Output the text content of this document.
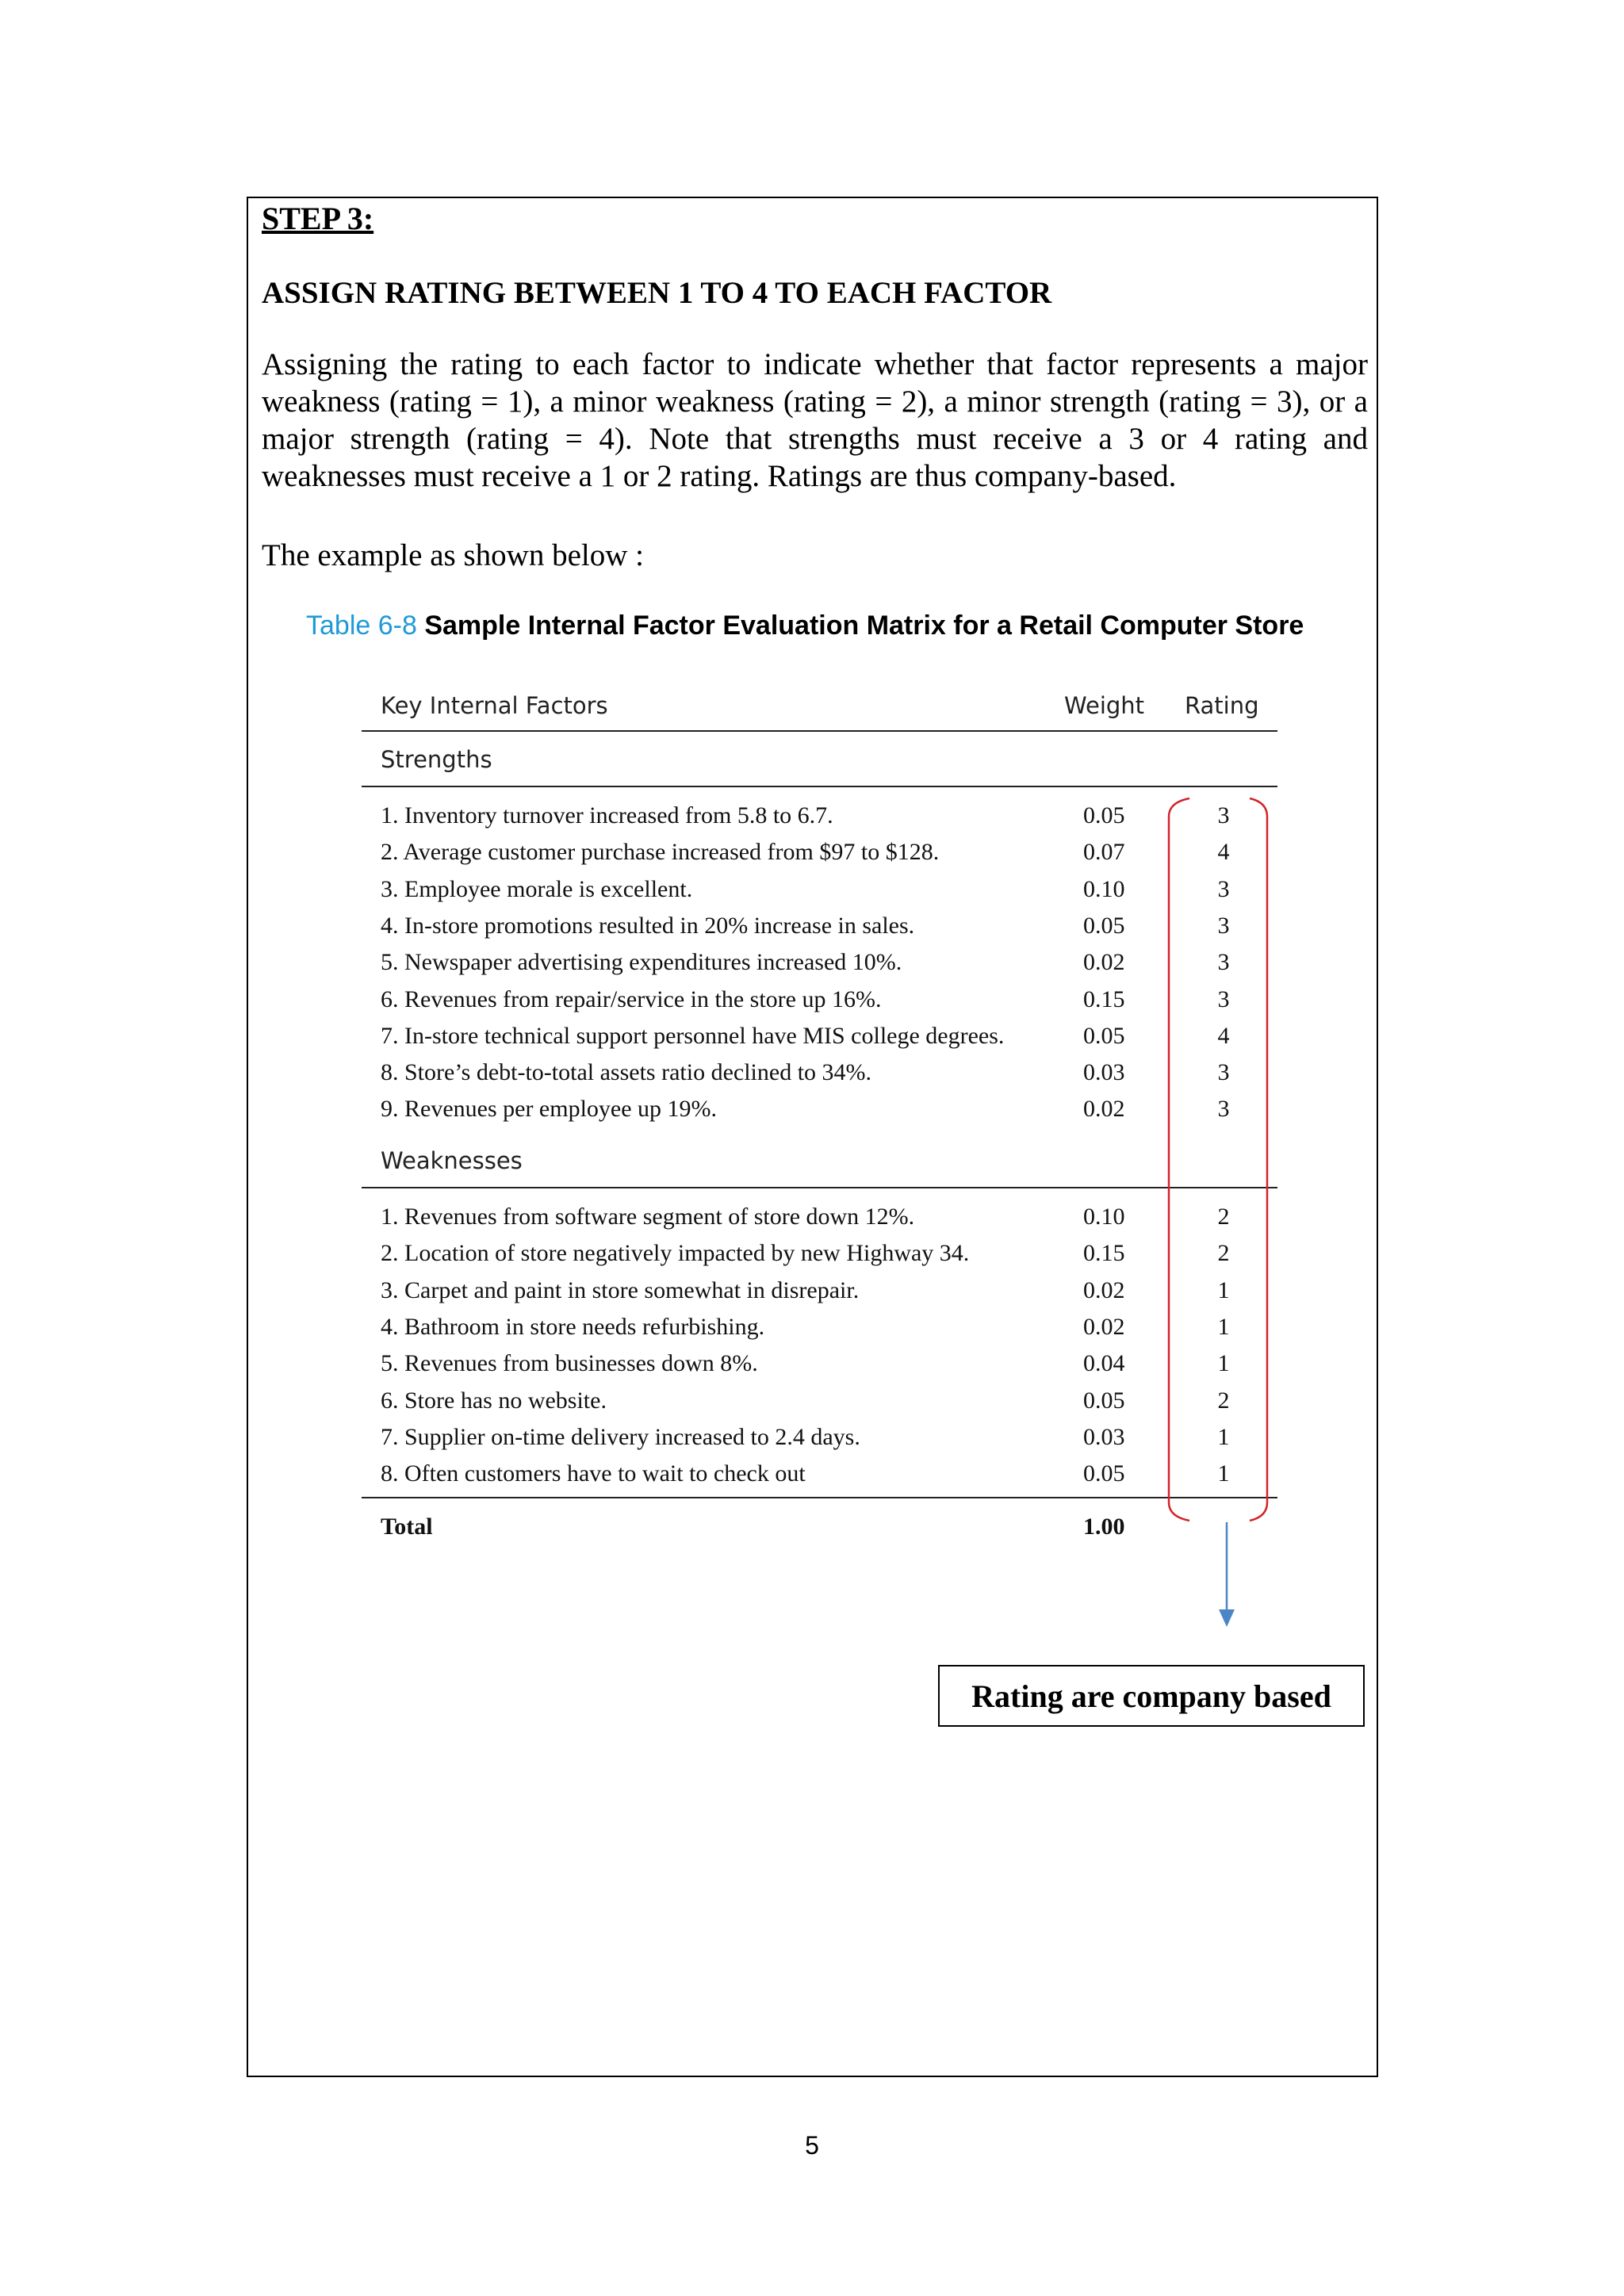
STEP 3:
ASSIGN RATING BETWEEN 1 TO 4 TO EACH FACTOR

Assigning the rating to each factor to indicate whether that factor represents a major weakness (rating = 1), a minor weakness (rating = 2), a minor strength (rating = 3), or a major strength (rating = 4). Note that strengths must receive a 3 or 4 rating and weaknesses must receive a 1 or 2 rating. Ratings are thus company-based.

The example as shown below :
Table 6-8 Sample Internal Factor Evaluation Matrix for a Retail Computer Store
Key Internal Factors	Weight Rating
Strengths
1. Inventory turnover increased from 5.8 to 6.7.	0.05	3
2. Average customer purchase increased from $97 to $128.	0.07	4
3. Employee morale is excellent.	0.10	3
4. In-store promotions resulted in 20% increase in sales.	0.05	3
5. Newspaper advertising expenditures increased 10%.	0.02	3
6. Revenues from repair/service in the store up 16%.	0.15	3
7. In-store technical support personnel have MIS college degrees.	0.05	4
8. Store’s debt-to-total assets ratio declined to 34%.	0.03	3
9. Revenues per employee up 19%.	0.02	3
Weaknesses
1. Revenues from software segment of store down 12%.	0.10	2
2. Location of store negatively impacted by new Highway 34.	0.15	2
3. Carpet and paint in store somewhat in disrepair.	0.02	1
4. Bathroom in store needs refurbishing.	0.02	1
5. Revenues from businesses down 8%.	0.04	1
6. Store has no website.	0.05	2
7. Supplier on-time delivery increased to 2.4 days.	0.03	1
8. Often customers have to wait to check out	0.05	1
Total	1.00
Rating are company based
5
